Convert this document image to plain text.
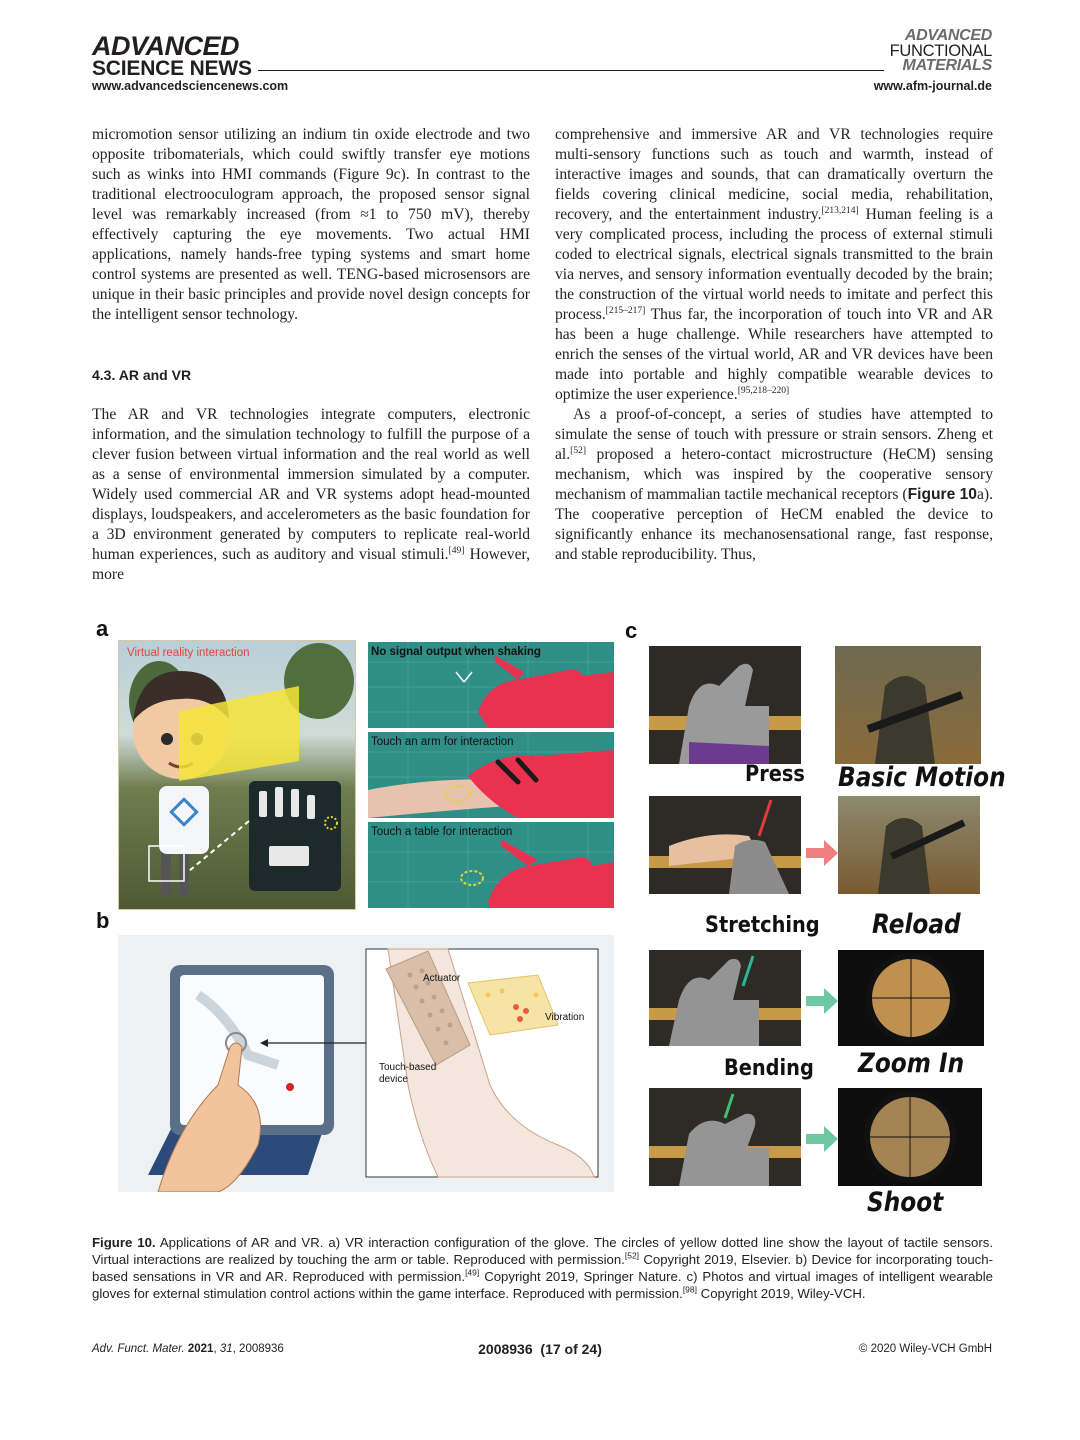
ADVANCED
SCIENCE NEWS
www.advancedsciencenews.com
ADVANCED
FUNCTIONAL
MATERIALS
www.afm-journal.de

micromotion sensor utilizing an indium tin oxide electrode and two opposite tribomaterials, which could swiftly transfer eye motions such as winks into HMI commands (Figure 9c). In contrast to the traditional electrooculogram approach, the proposed sensor signal level was remarkably increased (from ≈1 to 750 mV), thereby effectively capturing the eye movements. Two actual HMI applications, namely hands-free typing systems and smart home control systems are presented as well. TENG-based microsensors are unique in their basic principles and provide novel design concepts for the intelligent sensor technology.

4.3. AR and VR

The AR and VR technologies integrate computers, electronic information, and the simulation technology to fulfill the purpose of a clever fusion between virtual information and the real world as well as a sense of environmental immersion simulated by a computer. Widely used commercial AR and VR systems adopt head-mounted displays, loudspeakers, and accelerometers as the basic foundation for a 3D environment generated by computers to replicate real-world human experiences, such as auditory and visual stimuli.[49] However, more

comprehensive and immersive AR and VR technologies require multi-sensory functions such as touch and warmth, instead of interactive images and sounds, that can dramatically overturn the fields covering clinical medicine, social media, rehabilitation, recovery, and the entertainment industry.[213,214] Human feeling is a very complicated process, including the process of external stimuli coded to electrical signals, electrical signals transmitted to the brain via nerves, and sensory information eventually decoded by the brain; the construction of the virtual world needs to imitate and perfect this process.[215–217] Thus far, the incorporation of touch into VR and AR has been a huge challenge. While researchers have attempted to enrich the senses of the virtual world, AR and VR devices have been made into portable and highly compatible wearable devices to optimize the user experience.[95,218–220]

As a proof-of-concept, a series of studies have attempted to simulate the sense of touch with pressure or strain sensors. Zheng et al.[52] proposed a hetero-contact microstructure (HeCM) sensing mechanism, which was inspired by the cooperative sensory mechanism of mammalian tactile mechanical receptors (Figure 10a). The cooperative perception of HeCM enabled the device to significantly enhance its mechanosensational range, fast response, and stable reproducibility. Thus,

a
b
c
Virtual reality interaction	No signal output when shaking
Touch an arm for interaction
Touch a table for interaction
Actuator
Vibration
Touch-based
device
Press
Stretching
Bending
Basic Motion
Reload
Zoom In
Shoot
Figure 10. Applications of AR and VR. a) VR interaction configuration of the glove. The circles of yellow dotted line show the layout of tactile sensors. Virtual interactions are realized by touching the arm or table. Reproduced with permission.[52] Copyright 2019, Elsevier. b) Device for incorporating touch-based sensations in VR and AR. Reproduced with permission.[49] Copyright 2019, Springer Nature. c) Photos and virtual images of intelligent wearable gloves for external stimulation control actions within the game interface. Reproduced with permission.[98] Copyright 2019, Wiley-VCH.
Adv. Funct. Mater. 2021, 31, 2008936	2008936  (17 of 24)	© 2020 Wiley-VCH GmbH
